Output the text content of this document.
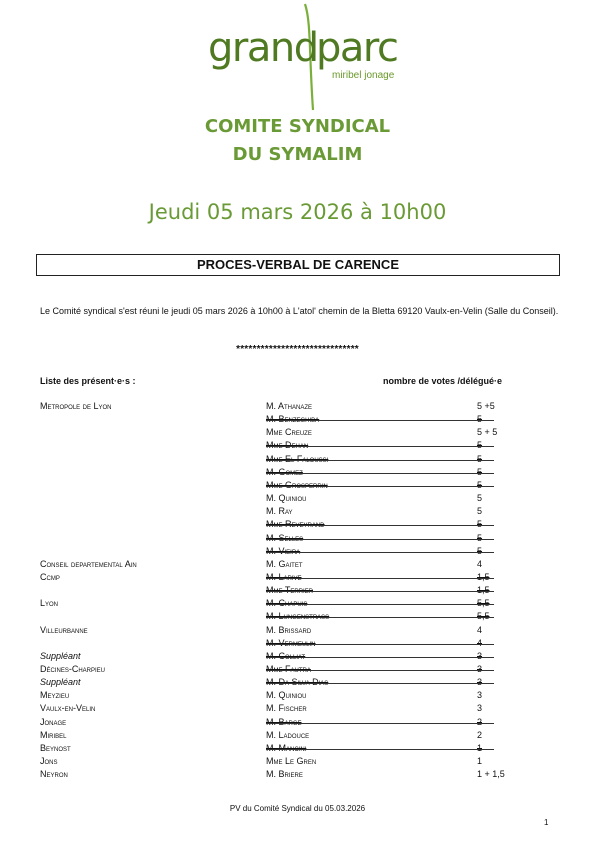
grand
parc
miribel jonage
COMITE SYNDICAL
DU SYMALIM
Jeudi 05 mars 2026 à 10h00
PROCES-VERBAL DE CARENCE
Le Comité syndical s'est réuni le jeudi 05 mars 2026 à 10h00 à L'atol' chemin de la Bletta 69120 Vaulx-en-Velin (Salle du Conseil).
******************************
Liste des présent·e·s :	nombre de votes /délégué·e
Metropole de Lyon	M. Athanaze	5 +5
M. Benzeghiba	5
Mme Creuze	5 + 5
Mme Dehan	5
Mme El Faloussi	5
M. Gomez	5
Mme Grosperrin	5
M. Quiniou	5
M. Ray	5
Mme Reveyrand	5
M. Selles	5
M. Vieira	5
Conseil departemental Ain	M. Gaitet	4
Ccmp	M. Larive	1,5
Mme Terrier	1,5
Lyon	M. Chapuis	5,5
M. Lungenstrass	5,5
Villeurbanne	M. Brissard	4
M. Vermeulin	4
Suppléant	M. Colliat	3
Décines-Charpieu	Mme Fautra	3
Suppléant	M. Da Silva Dias	3
Meyzieu	M. Quiniou	3
Vaulx-en-Velin	M. Fischer	3
Jonage	M. Barge	2
Miribel	M. Ladouce	2
Beynost	M. Mancini	1
Jons	Mme Le Gren	1
Neyron	M. Briere	1 + 1,5
PV du Comité Syndical du 05.03.2026
1
